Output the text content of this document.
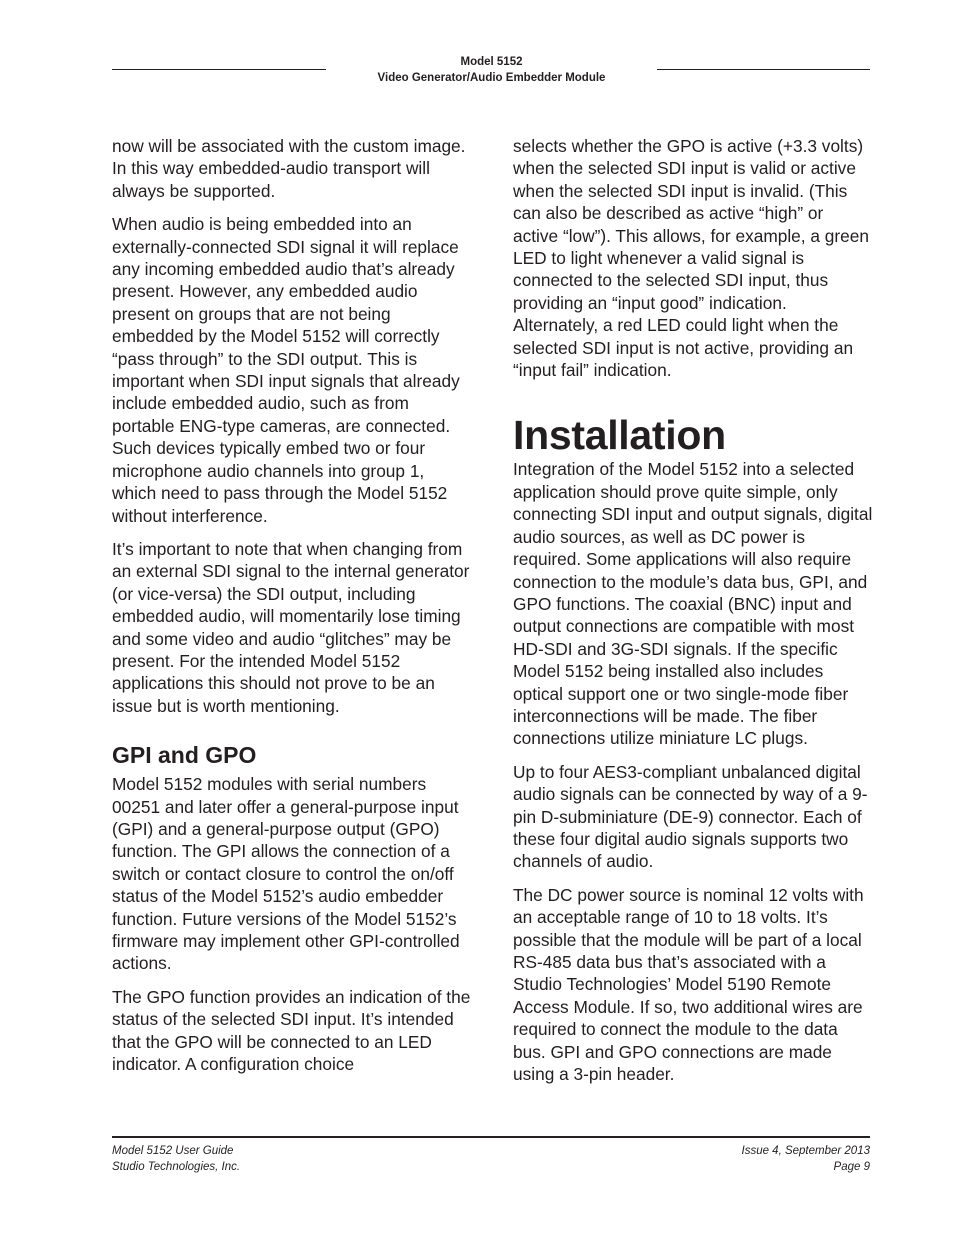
Model 5152
Video Generator/Audio Embedder Module

now will be associated with the custom image. In this way embedded-audio transport will always be supported.

When audio is being embedded into an externally-connected SDI signal it will replace any incoming embedded audio that’s already present. However, any embedded audio present on groups that are not being embedded by the Model 5152 will correctly “pass through” to the SDI output. This is important when SDI input signals that already include embedded audio, such as from portable ENG-type cameras, are connected. Such devices typically embed two or four microphone audio channels into group 1, which need to pass through the Model 5152 without interference.

It’s important to note that when changing from an external SDI signal to the internal generator (or vice-versa) the SDI output, including embedded audio, will momentarily lose timing and some video and audio “glitches” may be present. For the intended Model 5152 applications this should not prove to be an issue but is worth mentioning.

GPI and GPO

Model 5152 modules with serial numbers 00251 and later offer a general-purpose input (GPI) and a general-purpose output (GPO) function. The GPI allows the connection of a switch or contact closure to control the on/off status of the Model 5152’s audio embedder function. Future versions of the Model 5152’s firmware may implement other GPI-controlled actions.

The GPO function provides an indication of the status of the selected SDI input. It’s intended that the GPO will be connected to an LED indicator. A configuration choice

selects whether the GPO is active (+3.3 volts) when the selected SDI input is valid or active when the selected SDI input is invalid. (This can also be described as active “high” or active “low”). This allows, for example, a green LED to light whenever a valid signal is connected to the selected SDI input, thus providing an “input good” indication. Alternately, a red LED could light when the selected SDI input is not active, providing an “input fail” indication.

Installation

Integration of the Model 5152 into a selected application should prove quite simple, only connecting SDI input and output signals, digital audio sources, as well as DC power is required. Some applications will also require connection to the module’s data bus, GPI, and GPO functions. The coaxial (BNC) input and output connections are compatible with most HD-SDI and 3G-SDI signals. If the specific Model 5152 being installed also includes optical support one or two single-mode fiber interconnections will be made. The fiber connections utilize miniature LC plugs.

Up to four AES3-compliant unbalanced digital audio signals can be connected by way of a 9-pin D-subminiature (DE-9) connector. Each of these four digital audio signals supports two channels of audio.

The DC power source is nominal 12 volts with an acceptable range of 10 to 18 volts. It’s possible that the module will be part of a local RS-485 data bus that’s associated with a Studio Technologies’ Model 5190 Remote Access Module. If so, two additional wires are required to connect the module to the data bus. GPI and GPO connections are made using a 3-pin header.

Model 5152 User Guide
Studio Technologies, Inc.
Issue 4, September 2013
Page 9
